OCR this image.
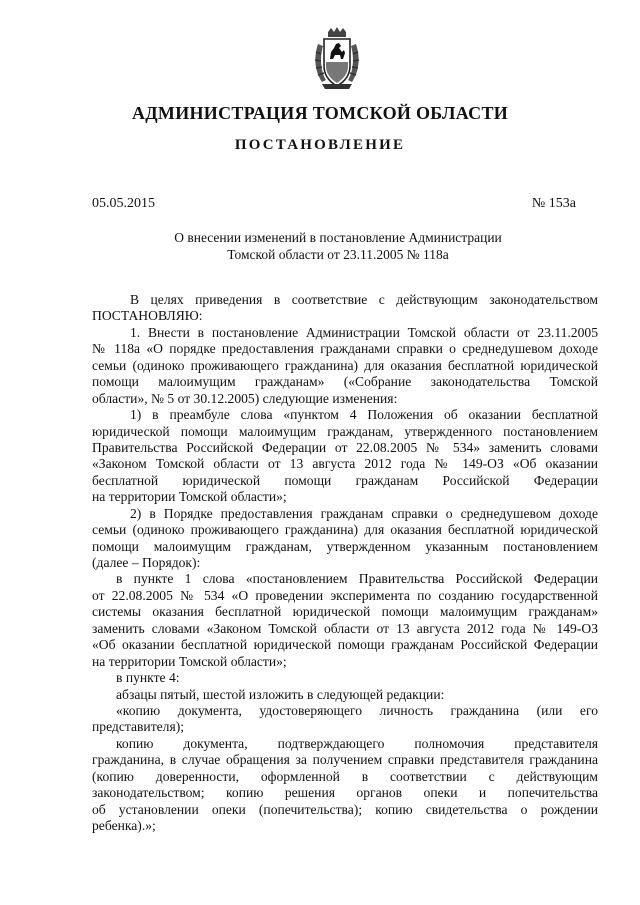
АДМИНИСТРАЦИЯ ТОМСКОЙ ОБЛАСТИ
ПОСТАНОВЛЕНИЕ
05.05.2015	№ 153а
О внесении изменений в постановление Администрации
Томской области от 23.11.2005 № 118а
В целях приведения в соответствие с действующим законодательством
ПОСТАНОВЛЯЮ:
1. Внести в постановление Администрации Томской области от 23.11.2005
№ 118а «О порядке предоставления гражданами справки о среднедушевом доходе
семьи (одиноко проживающего гражданина) для оказания бесплатной юридической
помощи малоимущим гражданам» («Собрание законодательства Томской
области», № 5 от 30.12.2005) следующие изменения:
1) в преамбуле слова «пунктом 4 Положения об оказании бесплатной
юридической помощи малоимущим гражданам, утвержденного постановлением
Правительства Российской Федерации от 22.08.2005 № 534» заменить словами
«Законом Томской области от 13 августа 2012 года № 149-ОЗ «Об оказании
бесплатной юридической помощи гражданам Российской Федерации
на территории Томской области»;
2) в Порядке предоставления гражданам справки о среднедушевом доходе
семьи (одиноко проживающего гражданина) для оказания бесплатной юридической
помощи малоимущим гражданам, утвержденном указанным постановлением
(далее – Порядок):
в пункте 1 слова «постановлением Правительства Российской Федерации
от 22.08.2005 № 534 «О проведении эксперимента по созданию государственной
системы оказания бесплатной юридической помощи малоимущим гражданам»
заменить словами «Законом Томской области от 13 августа 2012 года № 149-ОЗ
«Об оказании бесплатной юридической помощи гражданам Российской Федерации
на территории Томской области»;
в пункте 4:
абзацы пятый, шестой изложить в следующей редакции:
«копию документа, удостоверяющего личность гражданина (или его
представителя);
копию документа, подтверждающего полномочия представителя
гражданина, в случае обращения за получением справки представителя гражданина
(копию доверенности, оформленной в соответствии с действующим
законодательством; копию решения органов опеки и попечительства
об установлении опеки (попечительства); копию свидетельства о рождении
ребенка).»;
